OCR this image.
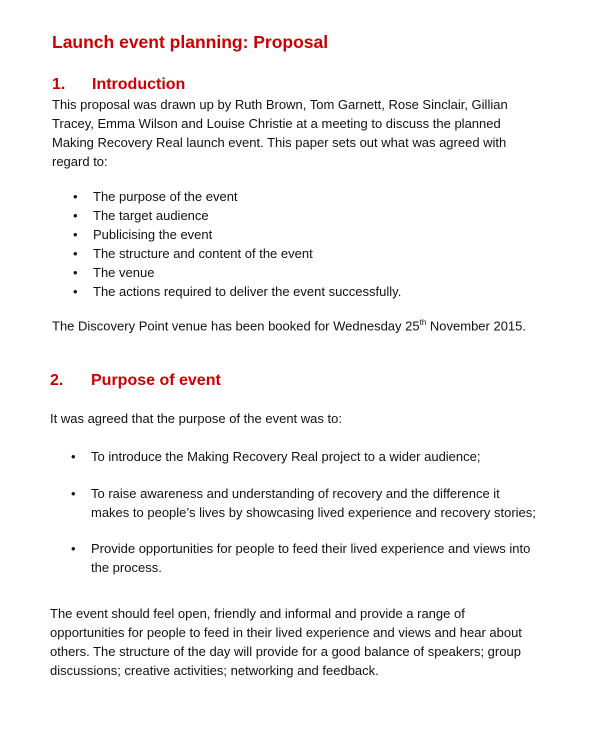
Launch event planning: Proposal
1. Introduction
This proposal was drawn up by Ruth Brown, Tom Garnett, Rose Sinclair, Gillian
Tracey, Emma Wilson and Louise Christie at a meeting to discuss the planned
Making Recovery Real launch event. This paper sets out what was agreed with
regard to:
• The purpose of the event
• The target audience
• Publicising the event
• The structure and content of the event
• The venue
• The actions required to deliver the event successfully.
The Discovery Point venue has been booked for Wednesday 25th November 2015.
2. Purpose of event
It was agreed that the purpose of the event was to:
• To introduce the Making Recovery Real project to a wider audience;
• To raise awareness and understanding of recovery and the difference it
makes to people’s lives by showcasing lived experience and recovery stories;
• Provide opportunities for people to feed their lived experience and views into
the process.
The event should feel open, friendly and informal and provide a range of
opportunities for people to feed in their lived experience and views and hear about
others. The structure of the day will provide for a good balance of speakers; group
discussions; creative activities; networking and feedback.
